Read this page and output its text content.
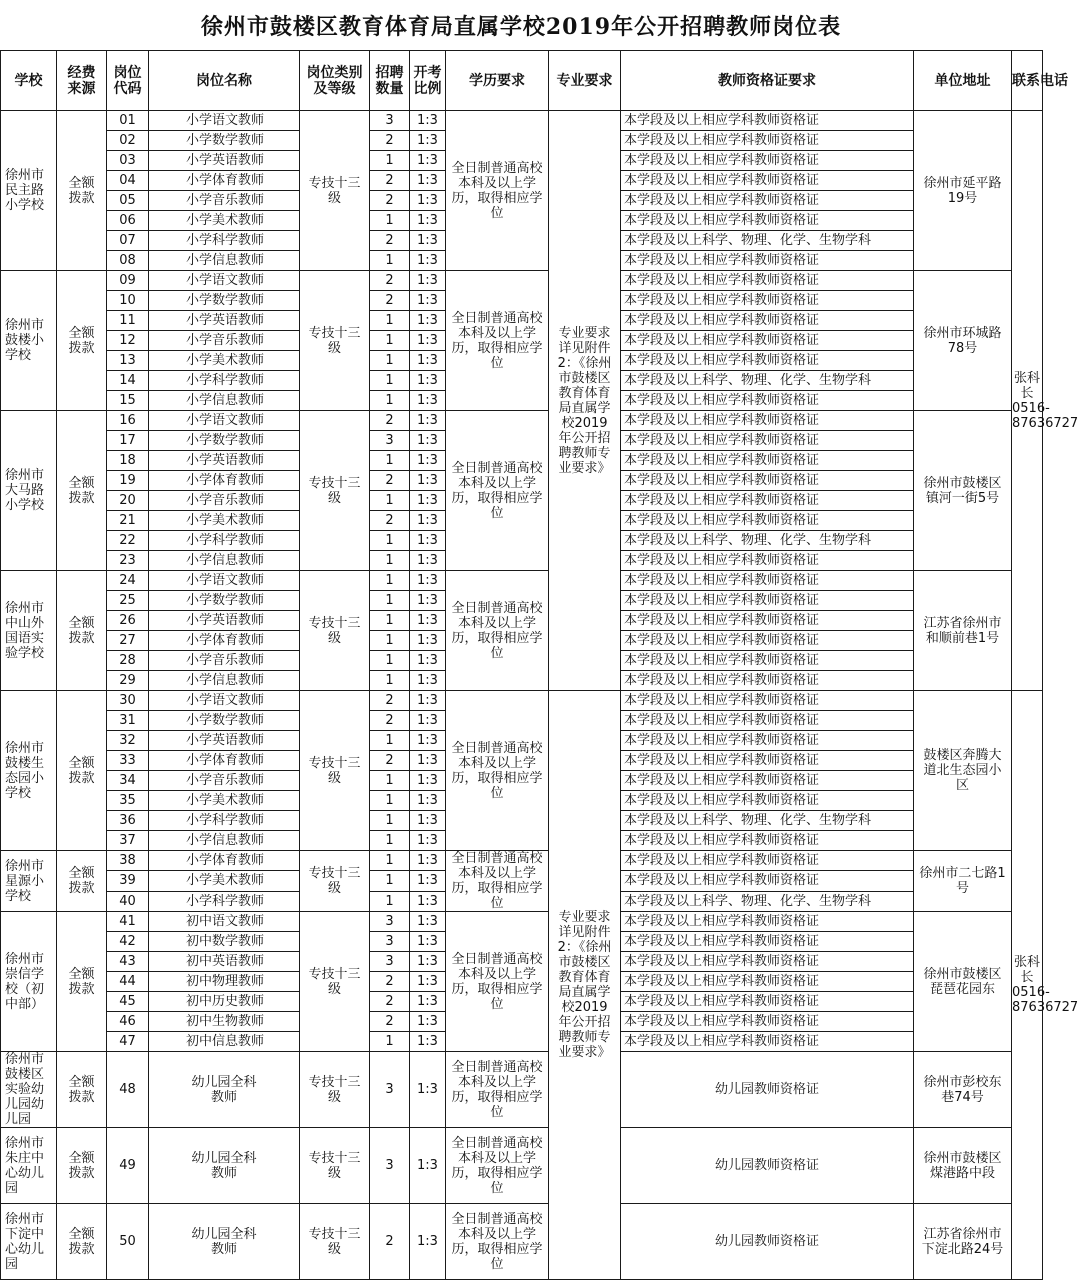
徐州市鼓楼区教育体育局直属学校2019年公开招聘教师岗位表
学校	经费来源	岗位代码	岗位名称	岗位类别及等级	招聘数量	开考比例	学历要求	专业要求	教师资格证要求	单位地址	联系电话
徐州市民主路小学校	全额拨款	01	小学语文教师	专技十三级	3	1:3	全日制普通高校本科及以上学历，取得相应学位	专业要求详见附件2：《徐州市鼓楼区教育体育局直属学校2019年公开招聘教师专业要求》	本学段及以上相应学科教师资格证	徐州市延平路19号	张科长 0516-87636727
		02	小学数学教师		2	1:3			本学段及以上相应学科教师资格证		
		03	小学英语教师		1	1:3			本学段及以上相应学科教师资格证		
		04	小学体育教师		2	1:3			本学段及以上相应学科教师资格证		
		05	小学音乐教师		2	1:3			本学段及以上相应学科教师资格证		
		06	小学美术教师		1	1:3			本学段及以上相应学科教师资格证		
		07	小学科学教师		2	1:3			本学段及以上科学、物理、化学、生物学科		
		08	小学信息教师		1	1:3			本学段及以上相应学科教师资格证		
徐州市鼓楼小学校	全额拨款	09	小学语文教师	专技十三级	2	1:3	全日制普通高校本科及以上学历，取得相应学位		本学段及以上相应学科教师资格证	徐州市环城路78号	
		10	小学数学教师		2	1:3			本学段及以上相应学科教师资格证		
		11	小学英语教师		1	1:3			本学段及以上相应学科教师资格证		
		12	小学音乐教师		1	1:3			本学段及以上相应学科教师资格证		
		13	小学美术教师		1	1:3			本学段及以上相应学科教师资格证		
		14	小学科学教师		1	1:3			本学段及以上科学、物理、化学、生物学科		
		15	小学信息教师		1	1:3			本学段及以上相应学科教师资格证		
徐州市大马路小学校	全额拨款	16	小学语文教师	专技十三级	2	1:3	全日制普通高校本科及以上学历，取得相应学位		本学段及以上相应学科教师资格证	徐州市鼓楼区镇河一街5号	
		17	小学数学教师		3	1:3			本学段及以上相应学科教师资格证		
		18	小学英语教师		1	1:3			本学段及以上相应学科教师资格证		
		19	小学体育教师		2	1:3			本学段及以上相应学科教师资格证		
		20	小学音乐教师		1	1:3			本学段及以上相应学科教师资格证		
		21	小学美术教师		2	1:3			本学段及以上相应学科教师资格证		
		22	小学科学教师		1	1:3			本学段及以上科学、物理、化学、生物学科		
		23	小学信息教师		1	1:3			本学段及以上相应学科教师资格证		
徐州市中山外国语实验学校	全额拨款	24	小学语文教师	专技十三级	1	1:3	全日制普通高校本科及以上学历，取得相应学位		本学段及以上相应学科教师资格证	江苏省徐州市和顺前巷1号	
		25	小学数学教师		1	1:3			本学段及以上相应学科教师资格证		
		26	小学英语教师		1	1:3			本学段及以上相应学科教师资格证		
		27	小学体育教师		1	1:3			本学段及以上相应学科教师资格证		
		28	小学音乐教师		1	1:3			本学段及以上相应学科教师资格证		
		29	小学信息教师		1	1:3			本学段及以上相应学科教师资格证		
徐州市鼓楼生态园小学校	全额拨款	30	小学语文教师	专技十三级	2	1:3	全日制普通高校本科及以上学历，取得相应学位	专业要求详见附件2：《徐州市鼓楼区教育体育局直属学校2019年公开招聘教师专业要求》	本学段及以上相应学科教师资格证	鼓楼区奔腾大道北生态园小区	张科长 0516-87636727
		31	小学数学教师		2	1:3			本学段及以上相应学科教师资格证		
		32	小学英语教师		1	1:3			本学段及以上相应学科教师资格证		
		33	小学体育教师		2	1:3			本学段及以上相应学科教师资格证		
		34	小学音乐教师		1	1:3			本学段及以上相应学科教师资格证		
		35	小学美术教师		1	1:3			本学段及以上相应学科教师资格证		
		36	小学科学教师		1	1:3			本学段及以上科学、物理、化学、生物学科		
		37	小学信息教师		1	1:3			本学段及以上相应学科教师资格证		
徐州市星源小学校	全额拨款	38	小学体育教师	专技十三级	1	1:3	全日制普通高校本科及以上学历，取得相应学位		本学段及以上相应学科教师资格证	徐州市二七路1号	
		39	小学美术教师		1	1:3			本学段及以上相应学科教师资格证		
		40	小学科学教师		1	1:3			本学段及以上科学、物理、化学、生物学科		
徐州市崇信学校（初中部）	全额拨款	41	初中语文教师	专技十三级	3	1:3	全日制普通高校本科及以上学历，取得相应学位		本学段及以上相应学科教师资格证	徐州市鼓楼区琵琶花园东	
		42	初中数学教师		3	1:3			本学段及以上相应学科教师资格证		
		43	初中英语教师		3	1:3			本学段及以上相应学科教师资格证		
		44	初中物理教师		2	1:3			本学段及以上相应学科教师资格证		
		45	初中历史教师		2	1:3			本学段及以上相应学科教师资格证		
		46	初中生物教师		2	1:3			本学段及以上相应学科教师资格证		
		47	初中信息教师		1	1:3			本学段及以上相应学科教师资格证		
徐州市鼓楼区实验幼儿园幼儿园	全额拨款	48	幼儿园全科教师	专技十三级	3	1:3	全日制普通高校本科及以上学历，取得相应学位		幼儿园教师资格证	徐州市彭校东巷74号	
徐州市朱庄中心幼儿园	全额拨款	49	幼儿园全科教师	专技十三级	3	1:3	全日制普通高校本科及以上学历，取得相应学位		幼儿园教师资格证	徐州市鼓楼区煤港路中段	
徐州市下淀中心幼儿园	全额拨款	50	幼儿园全科教师	专技十三级	2	1:3	全日制普通高校本科及以上学历，取得相应学位		幼儿园教师资格证	江苏省徐州市下淀北路24号	
